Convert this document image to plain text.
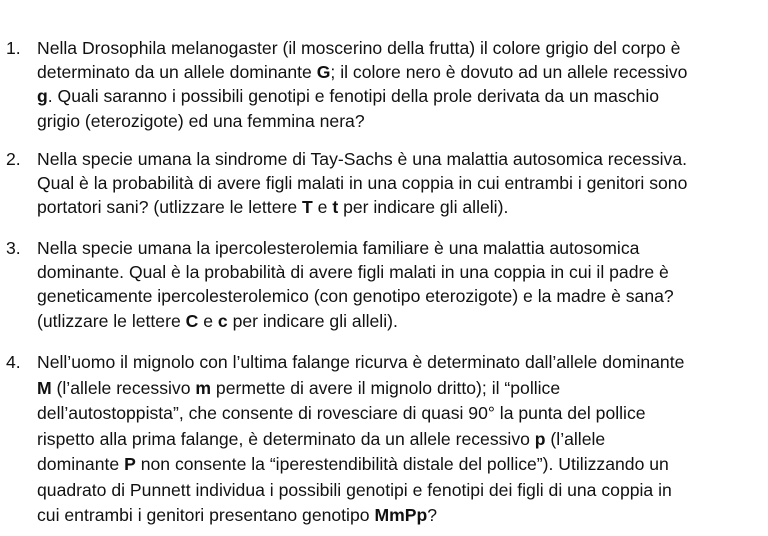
1. Nella Drosophila melanogaster (il moscerino della frutta) il colore grigio del corpo è
determinato da un allele dominante G; il colore nero è dovuto ad un allele recessivo
g. Quali saranno i possibili genotipi e fenotipi della prole derivata da un maschio
grigio (eterozigote) ed una femmina nera?
2. Nella specie umana la sindrome di Tay-Sachs è una malattia autosomica recessiva.
Qual è la probabilità di avere figli malati in una coppia in cui entrambi i genitori sono
portatori sani? (utlizzare le lettere T e t per indicare gli alleli).
3. Nella specie umana la ipercolesterolemia familiare è una malattia autosomica
dominante. Qual è la probabilità di avere figli malati in una coppia in cui il padre è
geneticamente ipercolesterolemico (con genotipo eterozigote) e la madre è sana?
(utlizzare le lettere C e c per indicare gli alleli).
4. Nell’uomo il mignolo con l’ultima falange ricurva è determinato dall’allele dominante
M (l’allele recessivo m permette di avere il mignolo dritto); il “pollice
dell’autostoppista”, che consente di rovesciare di quasi 90° la punta del pollice
rispetto alla prima falange, è determinato da un allele recessivo p (l’allele
dominante P non consente la “iperestendibilità distale del pollice”). Utilizzando un
quadrato di Punnett individua i possibili genotipi e fenotipi dei figli di una coppia in
cui entrambi i genitori presentano genotipo MmPp?
